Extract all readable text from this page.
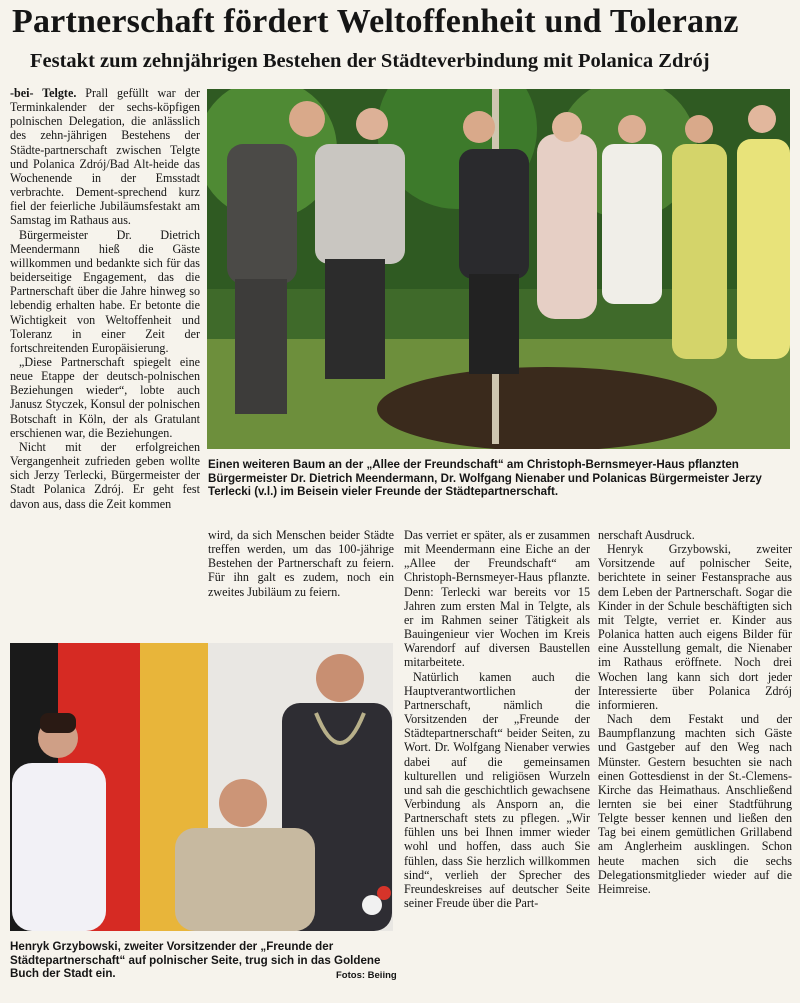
Partnerschaft fördert Weltoffenheit und Toleranz
Festakt zum zehnjährigen Bestehen der Städteverbindung mit Polanica Zdrój
Einen weiteren Baum an der „Allee der Freundschaft“ am Christoph-Bernsmeyer-Haus pflanzten Bürgermeister Dr. Dietrich Meendermann, Dr. Wolfgang Nienaber und Polanicas Bürgermeister Jerzy Terlecki (v.l.) im Beisein vieler Freunde der Städtepartnerschaft.
Henryk Grzybowski, zweiter Vorsitzender der „Freunde der Städtepartnerschaft“ auf polnischer Seite, trug sich in das Goldene Buch der Stadt ein.	Fotos: Beiing

-bei- Telgte. Prall gefüllt war der Terminkalender der sechs-köpfigen polnischen Delegation, die anlässlich des zehn-jährigen Bestehens der Städte-partnerschaft zwischen Telgte und Polanica Zdrój/Bad Alt-heide das Wochenende in der Emsstadt verbrachte. Dement-sprechend kurz fiel der feierliche Jubiläumsfestakt am Samstag im Rathaus aus.

Bürgermeister Dr. Dietrich Meendermann hieß die Gäste willkommen und bedankte sich für das beiderseitige Engagement, das die Partnerschaft über die Jahre hinweg so lebendig erhalten habe. Er betonte die Wichtigkeit von Weltoffenheit und Toleranz in einer Zeit der fortschreitenden Europäisierung.

„Diese Partnerschaft spiegelt eine neue Etappe der deutsch-polnischen Beziehungen wieder“, lobte auch Janusz Styczek, Konsul der polnischen Botschaft in Köln, der als Gratulant erschienen war, die Beziehungen.

Nicht mit der erfolgreichen Vergangenheit zufrieden geben wollte sich Jerzy Terlecki, Bürgermeister der Stadt Polanica Zdrój. Er geht fest davon aus, dass die Zeit kommen

wird, da sich Menschen beider Städte treffen werden, um das 100-jährige Bestehen der Partnerschaft zu feiern. Für ihn galt es zudem, noch ein zweites Jubiläum zu feiern.

Das verriet er später, als er zusammen mit Meendermann eine Eiche an der „Allee der Freundschaft“ am Christoph-Bernsmeyer-Haus pflanzte. Denn: Terlecki war bereits vor 15 Jahren zum ersten Mal in Telgte, als er im Rahmen seiner Tätigkeit als Bauingenieur vier Wochen im Kreis Warendorf auf diversen Baustellen mitarbeitete.

Natürlich kamen auch die Hauptverantwortlichen der Partnerschaft, nämlich die Vorsitzenden der „Freunde der Städtepartnerschaft“ beider Seiten, zu Wort. Dr. Wolfgang Nienaber verwies dabei auf die gemeinsamen kulturellen und religiösen Wurzeln und sah die geschichtlich gewachsene Verbindung als Ansporn an, die Partnerschaft stets zu pflegen. „Wir fühlen uns bei Ihnen immer wieder wohl und hoffen, dass auch Sie fühlen, dass Sie herzlich willkommen sind“, verlieh der Sprecher des Freundeskreises auf deutscher Seite seiner Freude über die Part-

nerschaft Ausdruck.

Henryk Grzybowski, zweiter Vorsitzende auf polnischer Seite, berichtete in seiner Festansprache aus dem Leben der Partnerschaft. Sogar die Kinder in der Schule beschäftigten sich mit Telgte, verriet er. Kinder aus Polanica hatten auch eigens Bilder für eine Ausstellung gemalt, die Nienaber im Rathaus eröffnete. Noch drei Wochen lang kann sich dort jeder Interessierte über Polanica Zdrój informieren.

Nach dem Festakt und der Baumpflanzung machten sich Gäste und Gastgeber auf den Weg nach Münster. Gestern besuchten sie nach einen Gottesdienst in der St.-Clemens-Kirche das Heimathaus. Anschließend lernten sie bei einer Stadtführung Telgte besser kennen und ließen den Tag bei einem gemütlichen Grillabend am Anglerheim ausklingen. Schon heute machen sich die sechs Delegationsmitglieder wieder auf die Heimreise.
